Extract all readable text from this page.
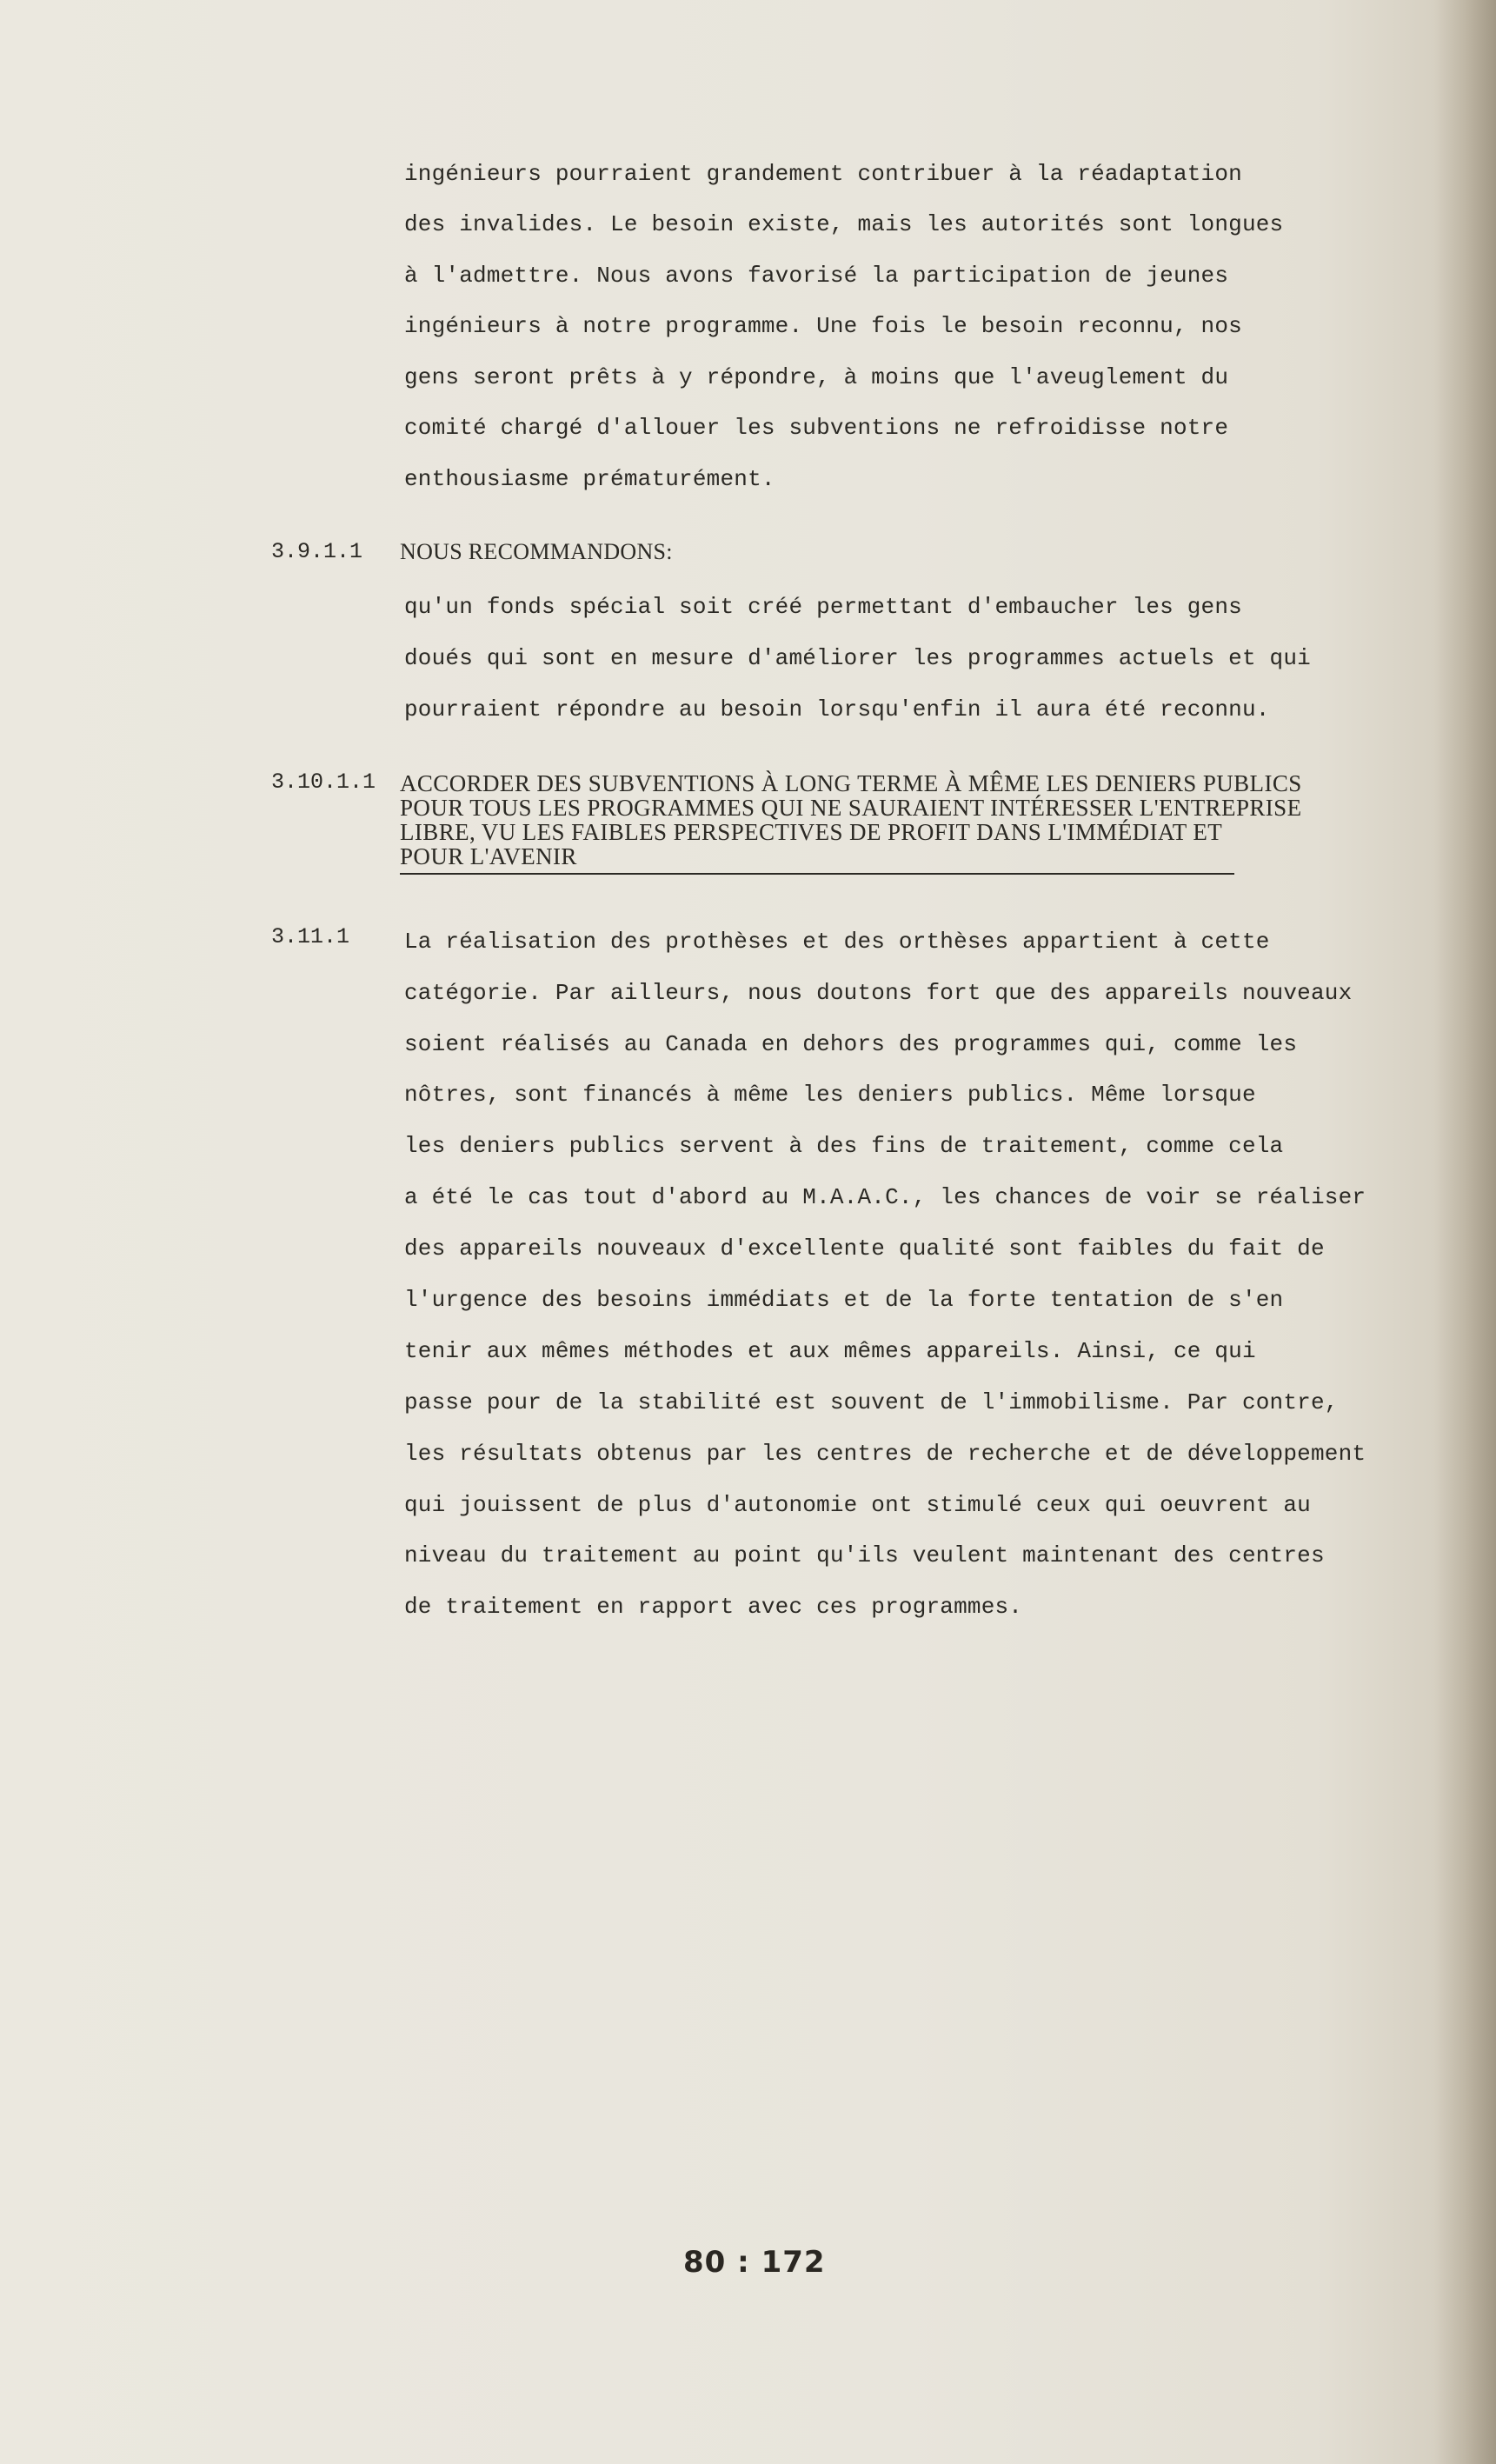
ingénieurs pourraient grandement contribuer à la réadaptation
des invalides. Le besoin existe, mais les autorités sont longues
à l'admettre. Nous avons favorisé la participation de jeunes
ingénieurs à notre programme. Une fois le besoin reconnu, nos
gens seront prêts à y répondre, à moins que l'aveuglement du
comité chargé d'allouer les subventions ne refroidisse notre
enthousiasme prématurément.
3.9.1.1 NOUS RECOMMANDONS:
qu'un fonds spécial soit créé permettant d'embaucher les gens
doués qui sont en mesure d'améliorer les programmes actuels et qui
pourraient répondre au besoin lorsqu'enfin il aura été reconnu.
3.10.1.1 ACCORDER DES SUBVENTIONS À LONG TERME À MÊME LES DENIERS PUBLICS
POUR TOUS LES PROGRAMMES QUI NE SAURAIENT INTÉRESSER L'ENTREPRISE
LIBRE, VU LES FAIBLES PERSPECTIVES DE PROFIT DANS L'IMMÉDIAT ET
POUR L'AVENIR
3.11.1 La réalisation des prothèses et des orthèses appartient à cette
catégorie. Par ailleurs, nous doutons fort que des appareils nouveaux
soient réalisés au Canada en dehors des programmes qui, comme les
nôtres, sont financés à même les deniers publics. Même lorsque
les deniers publics servent à des fins de traitement, comme cela
a été le cas tout d'abord au M.A.A.C., les chances de voir se réaliser
des appareils nouveaux d'excellente qualité sont faibles du fait de
l'urgence des besoins immédiats et de la forte tentation de s'en
tenir aux mêmes méthodes et aux mêmes appareils. Ainsi, ce qui
passe pour de la stabilité est souvent de l'immobilisme. Par contre,
les résultats obtenus par les centres de recherche et de développement
qui jouissent de plus d'autonomie ont stimulé ceux qui oeuvrent au
niveau du traitement au point qu'ils veulent maintenant des centres
de traitement en rapport avec ces programmes.
80 : 172
